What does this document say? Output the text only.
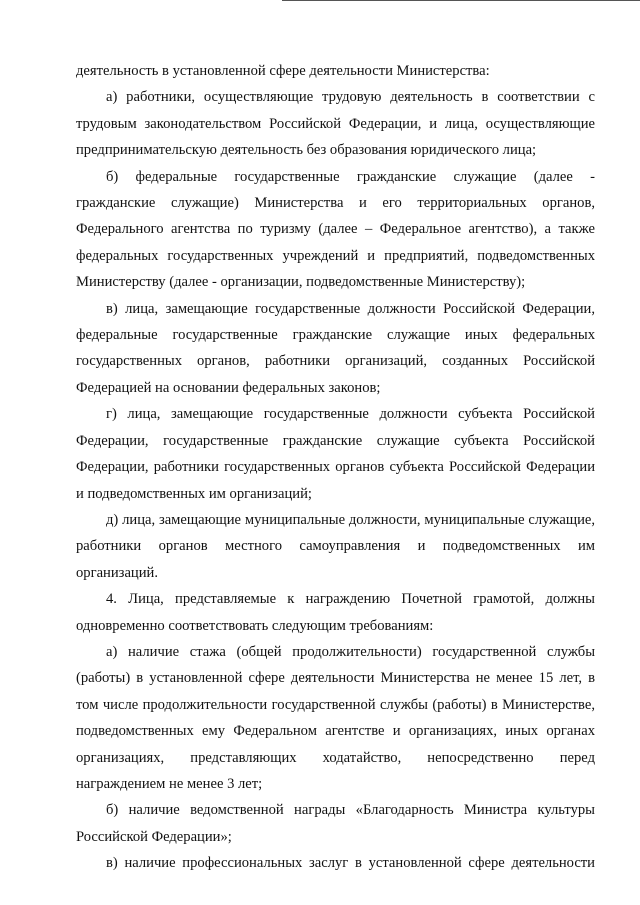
деятельность в установленной сфере деятельности Министерства:

а) работники, осуществляющие трудовую деятельность в соответствии с трудовым законодательством Российской Федерации, и лица, осуществляющие предпринимательскую деятельность без образования юридического лица;

б) федеральные государственные гражданские служащие (далее - гражданские служащие) Министерства и его территориальных органов, Федерального агентства по туризму (далее – Федеральное агентство), а также федеральных государственных учреждений и предприятий, подведомственных Министерству (далее - организации, подведомственные Министерству);

в) лица, замещающие государственные должности Российской Федерации, федеральные государственные гражданские служащие иных федеральных государственных органов, работники организаций, созданных Российской Федерацией на основании федеральных законов;

г) лица, замещающие государственные должности субъекта Российской Федерации, государственные гражданские служащие субъекта Российской Федерации, работники государственных органов субъекта Российской Федерации и подведомственных им организаций;

д) лица, замещающие муниципальные должности, муниципальные служащие, работники органов местного самоуправления и подведомственных им организаций.

4. Лица, представляемые к награждению Почетной грамотой, должны одновременно соответствовать следующим требованиям:

а) наличие стажа (общей продолжительности) государственной службы (работы) в установленной сфере деятельности Министерства не менее 15 лет, в том числе продолжительности государственной службы (работы) в Министерстве, подведомственных ему Федеральном агентстве и организациях, иных органах организациях, представляющих ходатайство, непосредственно перед награждением не менее 3 лет;

б) наличие ведомственной награды «Благодарность Министра культуры Российской Федерации»;

в) наличие профессиональных заслуг в установленной сфере деятельности
